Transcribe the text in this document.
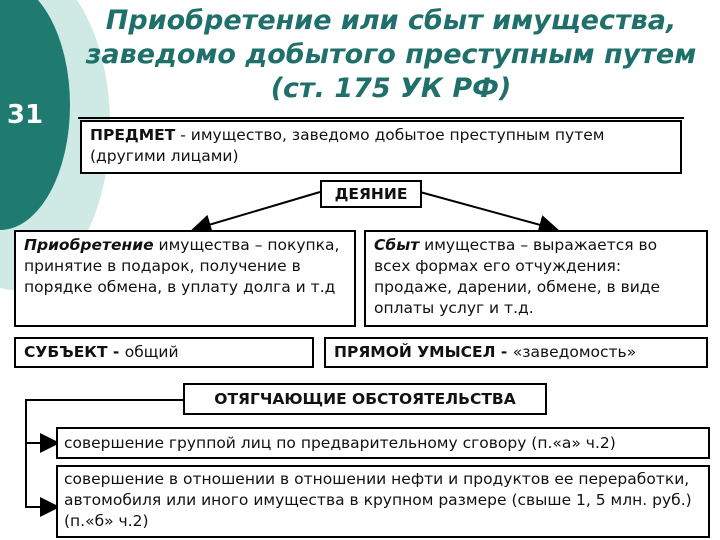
31
Приобретение или сбыт имущества, заведомо добытого преступным путем (ст. 175 УК РФ)
ПРЕДМЕТ - имущество, заведомо добытое преступным путем (другими лицами)
ДЕЯНИЕ
Приобретение имущества – покупка, принятие в подарок, получение в порядке обмена, в уплату долга и т.д
Сбыт имущества – выражается во всех формах его отчуждения: продаже, дарении, обмене, в виде оплаты услуг и т.д.
СУБЪЕКТ - общий	ПРЯМОЙ УМЫСЕЛ - «заведомость»
ОТЯГЧАЮЩИЕ ОБСТОЯТЕЛЬСТВА
совершение группой лиц по предварительному сговору (п.«а» ч.2)
совершение в отношении в отношении нефти и продуктов ее переработки, автомобиля или иного имущества в крупном размере (свыше 1, 5 млн. руб.) (п.«б» ч.2)
